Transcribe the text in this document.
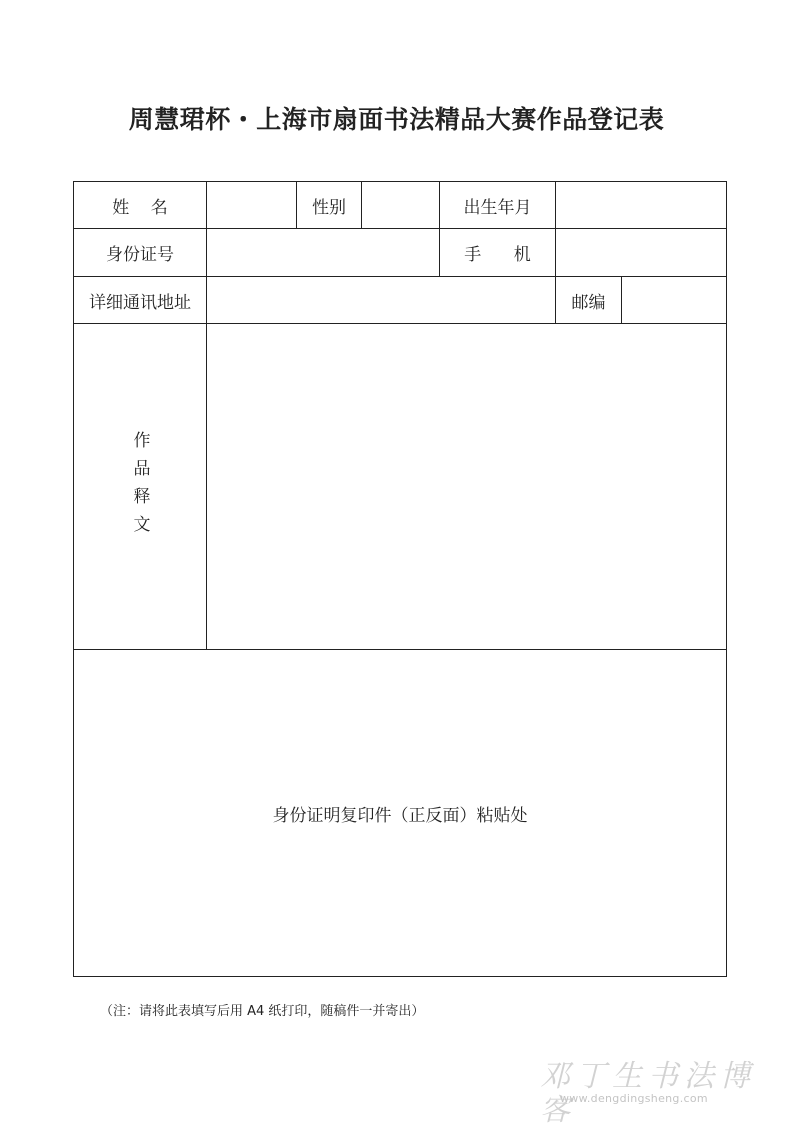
周慧珺杯・上海市扇面书法精品大赛作品登记表
姓    名	性别	出生年月
身份证号	手      机
详细通讯地址	邮编
作品释文
身份证明复印件（正反面）粘贴处
（注：请将此表填写后用 A4 纸打印，随稿件一并寄出）
邓丁生书法博客
www.dengdingsheng.com
